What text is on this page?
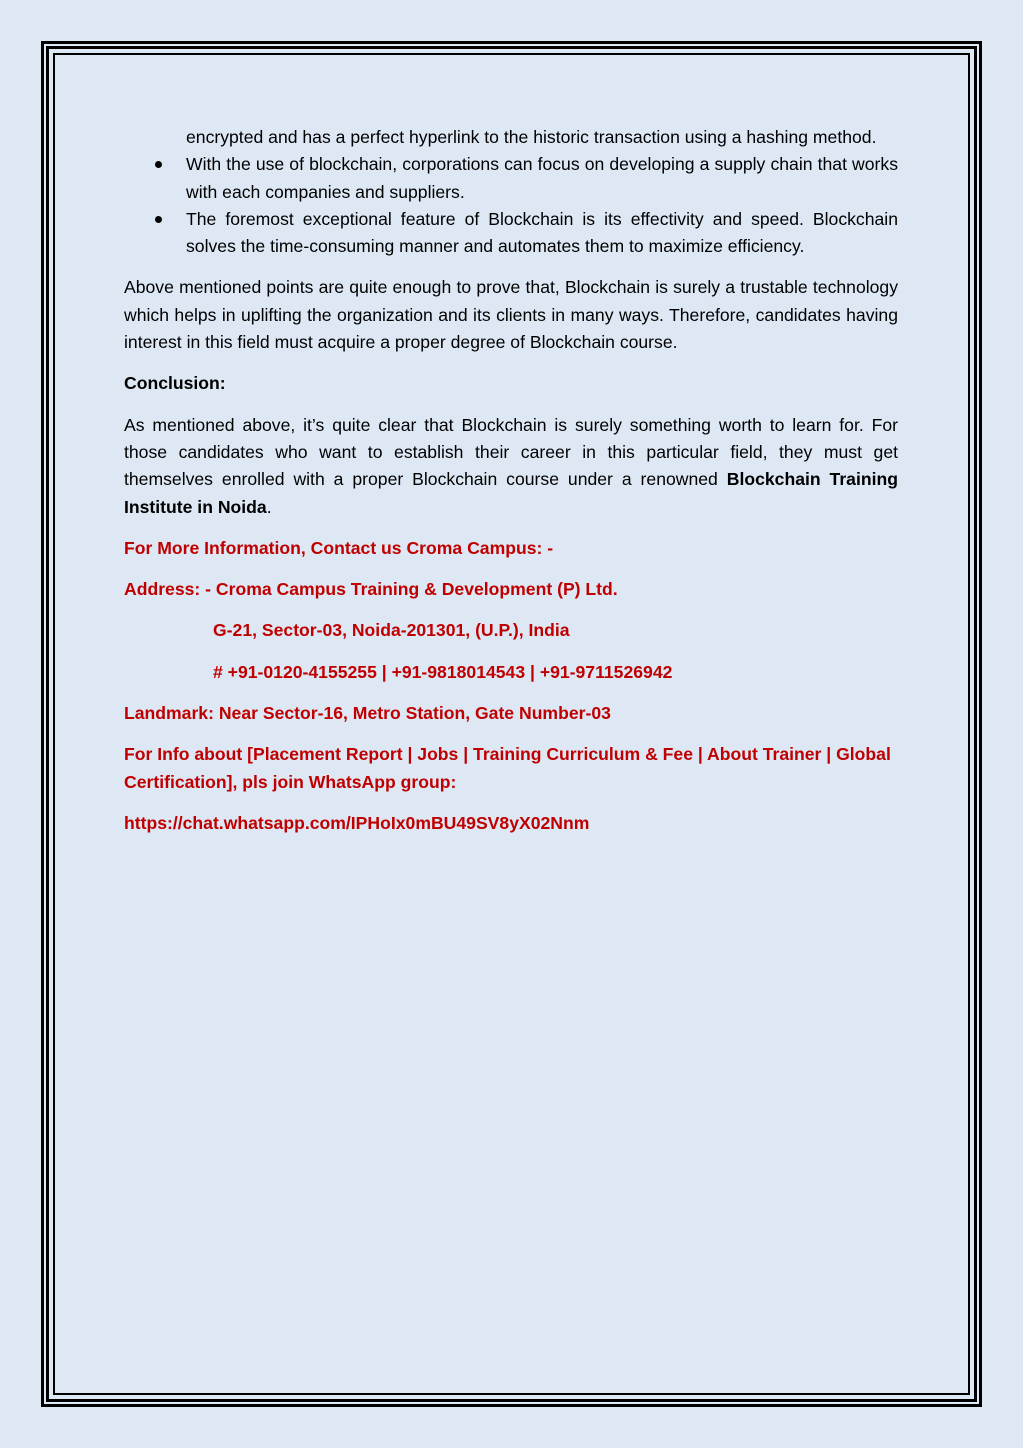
encrypted and has a perfect hyperlink to the historic transaction using a hashing method.
With the use of blockchain, corporations can focus on developing a supply chain that works with each companies and suppliers.
The foremost exceptional feature of Blockchain is its effectivity and speed. Blockchain solves the time-consuming manner and automates them to maximize efficiency.

Above mentioned points are quite enough to prove that, Blockchain is surely a trustable technology which helps in uplifting the organization and its clients in many ways. Therefore, candidates having interest in this field must acquire a proper degree of Blockchain course.

Conclusion:

As mentioned above, it’s quite clear that Blockchain is surely something worth to learn for. For those candidates who want to establish their career in this particular field, they must get themselves enrolled with a proper Blockchain course under a renowned Blockchain Training Institute in Noida.

For More Information, Contact us Croma Campus: -

Address: - Croma Campus Training & Development (P) Ltd.

G-21, Sector-03, Noida-201301, (U.P.), India

# +91-0120-4155255 | +91-9818014543 | +91-9711526942

Landmark: Near Sector-16, Metro Station, Gate Number-03

For Info about [Placement Report | Jobs | Training Curriculum & Fee | About Trainer | Global Certification], pls join WhatsApp group:

https://chat.whatsapp.com/IPHoIx0mBU49SV8yX02Nnm
